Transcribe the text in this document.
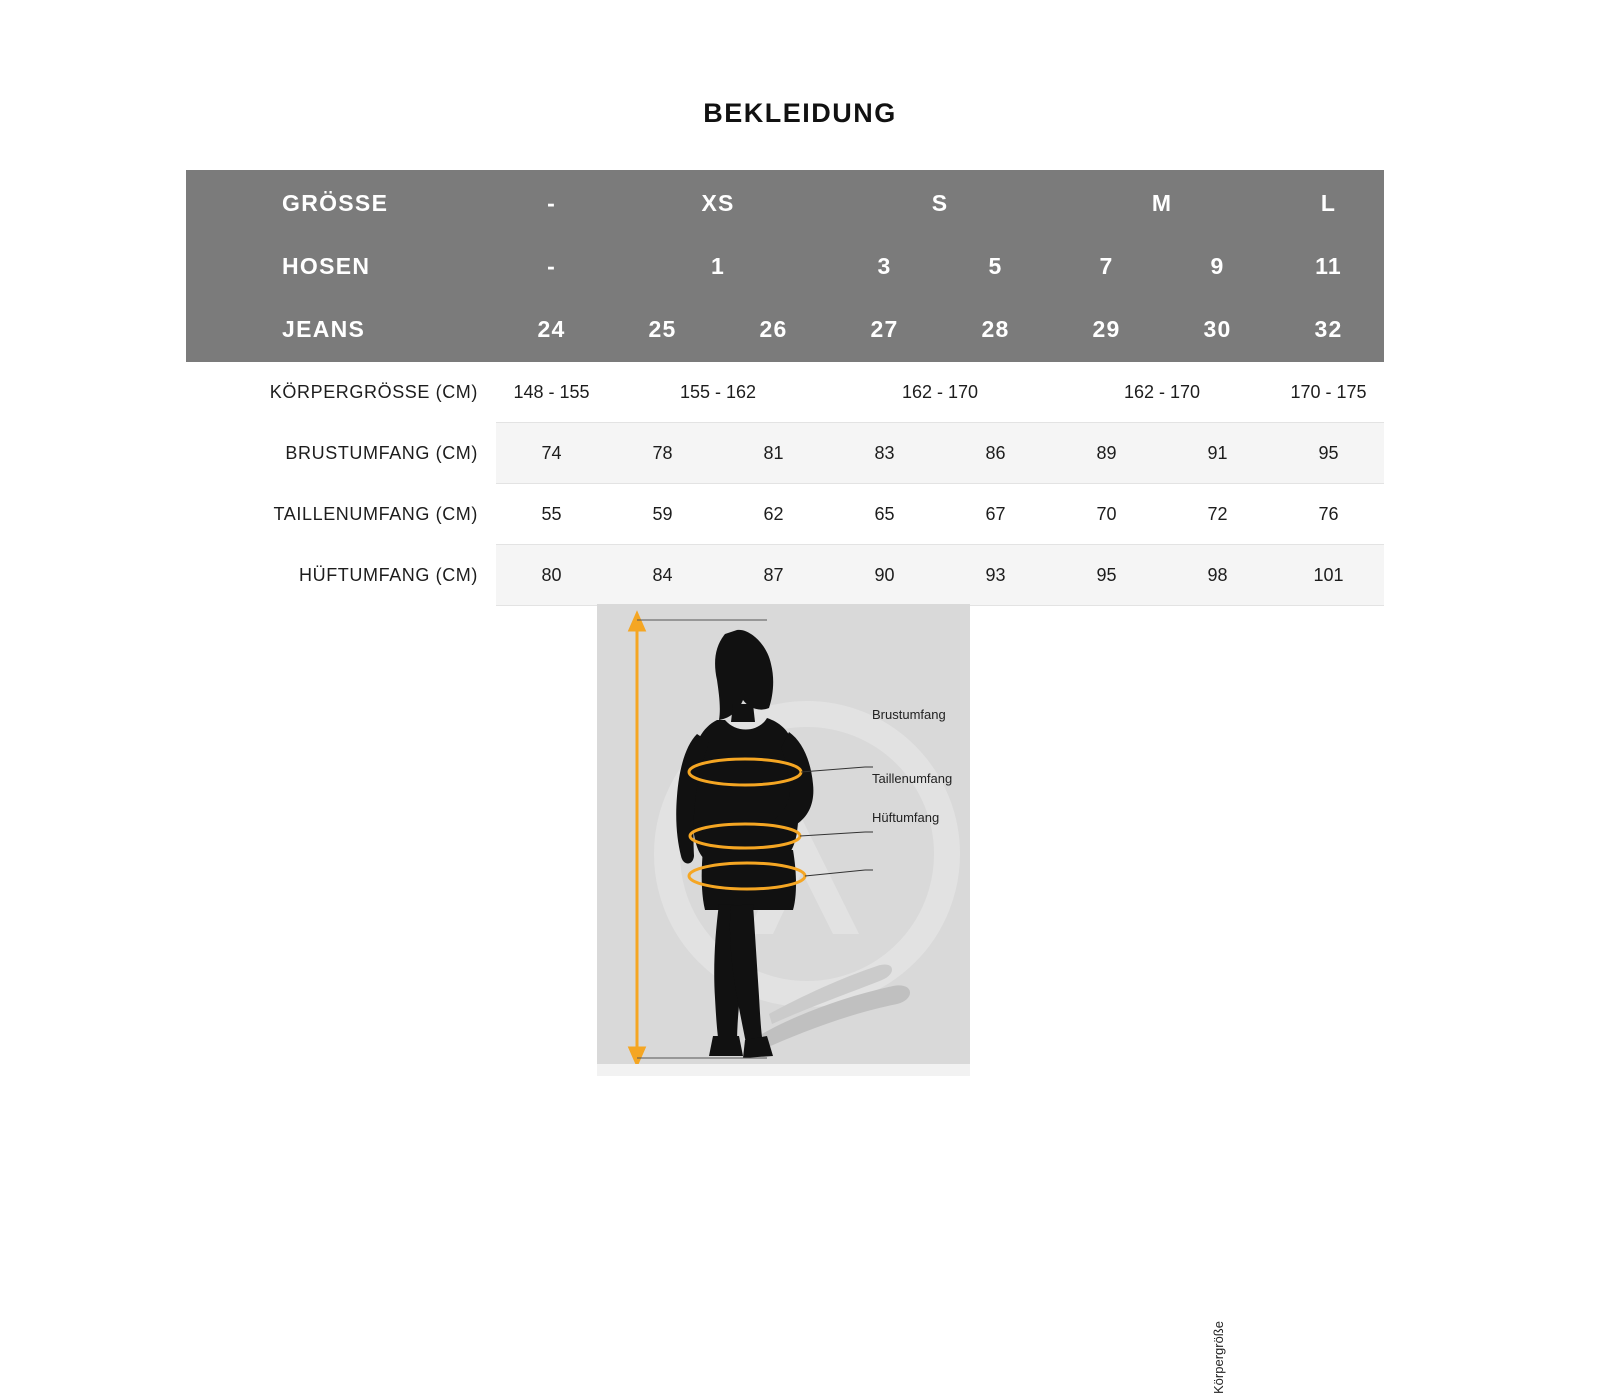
BEKLEIDUNG
GRÖSSE	-	XS		S		M		L
HOSEN	-	1		3	5	7	9	11
JEANS	24	25	26	27	28	29	30	32
KÖRPERGRÖSSE (CM)	148 - 155	155 - 162		162 - 170		162 - 170		170 - 175
BRUSTUMFANG (CM)	74	78	81	83	86	89	91	95
TAILLENUMFANG (CM)	55	59	62	65	67	70	72	76
HÜFTUMFANG (CM)	80	84	87	90	93	95	98	101
Körpergröße
Brustumfang
Taillenumfang
Hüftumfang
